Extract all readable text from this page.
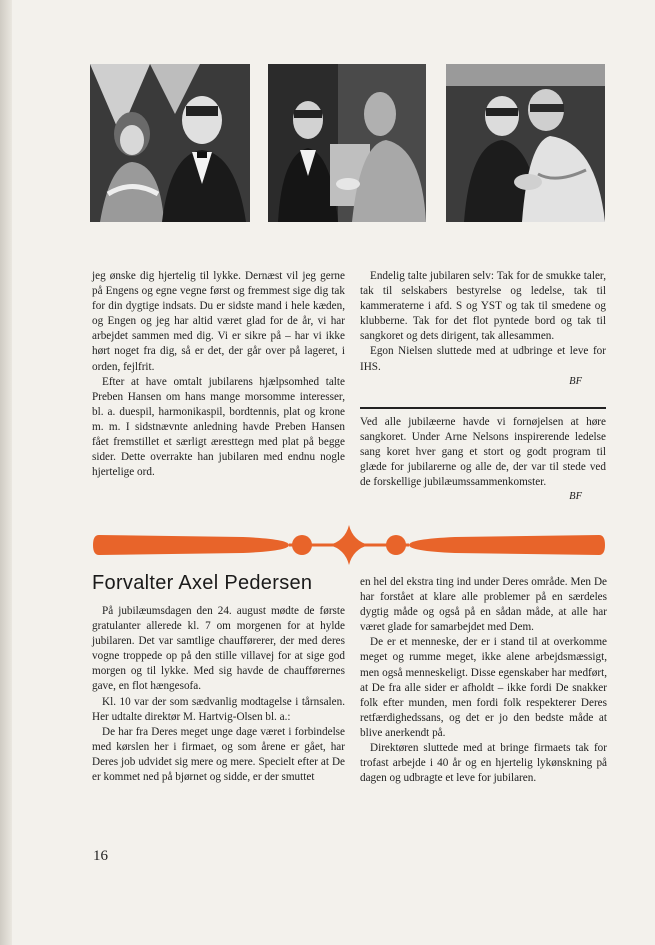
jeg ønske dig hjertelig til lykke. Dernæst vil jeg gerne på Engens og egne vegne først og fremmest sige dig tak for din dygtige indsats. Du er sidste mand i hele kæden, og Engen og jeg har altid været glad for de år, vi har arbejdet sammen med dig. Vi er sikre på – har vi ikke hørt noget fra dig, så er det, der går over på lageret, i orden, fejlfrit.

Efter at have omtalt jubilarens hjælpsomhed talte Preben Hansen om hans mange morsomme interesser, bl. a. duespil, harmonikaspil, bordtennis, plat og krone m. m. I sidstnævnte anledning havde Preben Hansen fået fremstillet et særligt æresttegn med plat på begge sider. Dette overrakte han jubilaren med endnu nogle hjertelige ord.

Endelig talte jubilaren selv: Tak for de smukke taler, tak til selskabers bestyrelse og ledelse, tak til kammeraterne i afd. S og YST og tak til smedene og klubberne. Tak for det flot pyntede bord og tak til sangkoret og dets dirigent, tak allesammen.

Egon Nielsen sluttede med at udbringe et leve for IHS.

BF

Ved alle jubilæerne havde vi fornøjelsen at høre sangkoret. Under Arne Nelsons inspirerende ledelse sang koret hver gang et stort og godt program til glæde for jubilarerne og alle de, der var til stede ved de forskellige jubilæumssammenkomster.

BF
Forvalter Axel Pedersen

På jubilæumsdagen den 24. august mødte de første gratulanter allerede kl. 7 om morgenen for at hylde jubilaren. Det var samtlige chaufførerer, der med deres vogne troppede op på den stille villavej for at sige god morgen og til lykke. Med sig havde de chaufførernes gave, en flot hængesofa.

Kl. 10 var der som sædvanlig modtagelse i tårnsalen. Her udtalte direktør M. Hartvig-Olsen bl. a.:

De har fra Deres meget unge dage været i forbindelse med kørslen her i firmaet, og som årene er gået, har Deres job udvidet sig mere og mere. Specielt efter at De er kommet ned på bjørnet og sidde, er der smuttet

en hel del ekstra ting ind under Deres område. Men De har forstået at klare alle problemer på en særdeles dygtig måde og også på en sådan måde, at alle har været glade for samarbejdet med Dem.

De er et menneske, der er i stand til at overkomme meget og rumme meget, ikke alene arbejdsmæssigt, men også menneskeligt. Disse egenskaber har medført, at De fra alle sider er afholdt – ikke fordi De snakker folk efter munden, men fordi folk respekterer Deres retfærdighedssans, og det er jo den bedste måde at blive anerkendt på.

Direktøren sluttede med at bringe firmaets tak for trofast arbejde i 40 år og en hjertelig lykønskning på dagen og udbragte et leve for jubilaren.

16
